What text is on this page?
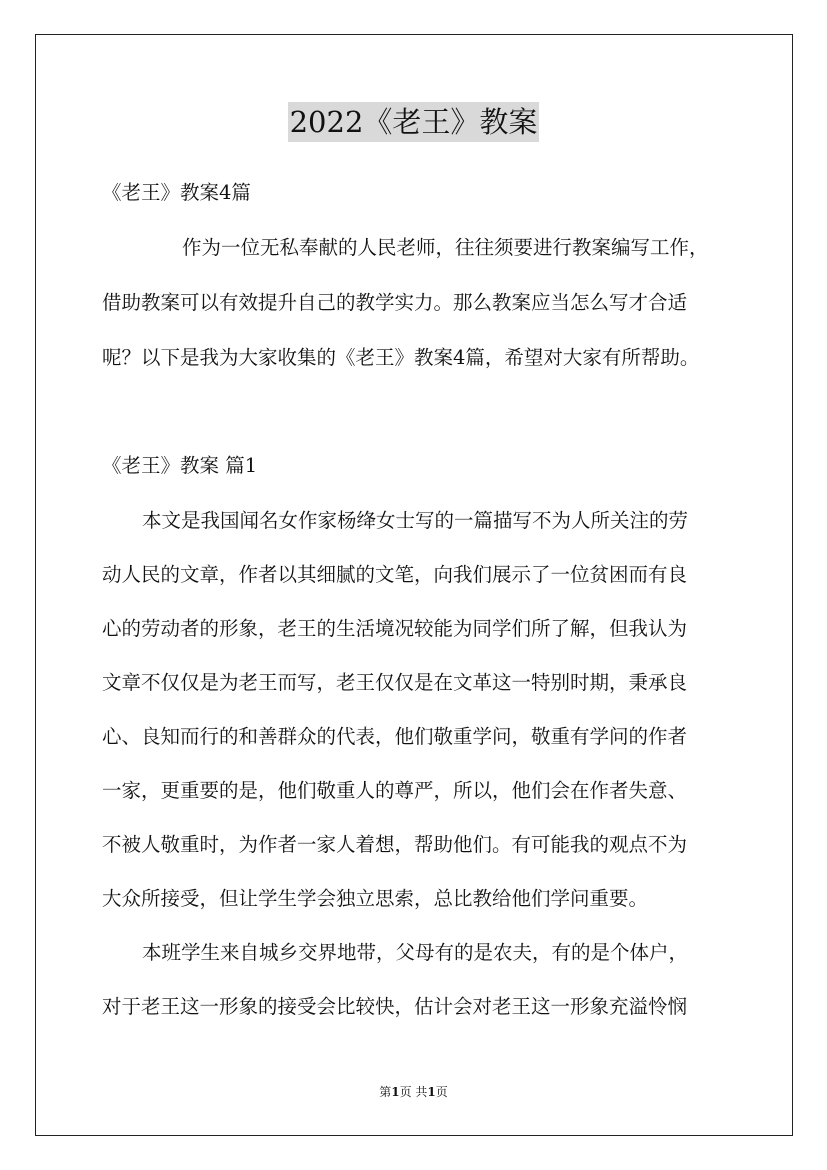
2022《老王》教案
《老王》教案4篇
作为一位无私奉献的人民老师，往往须要进行教案编写工作，
借助教案可以有效提升自己的教学实力。那么教案应当怎么写才合适
呢？以下是我为大家收集的《老王》教案4篇，希望对大家有所帮助。
《老王》教案 篇1
本文是我国闻名女作家杨绛女士写的一篇描写不为人所关注的劳
动人民的文章，作者以其细腻的文笔，向我们展示了一位贫困而有良
心的劳动者的形象，老王的生活境况较能为同学们所了解，但我认为
文章不仅仅是为老王而写，老王仅仅是在文革这一特别时期，秉承良
心、良知而行的和善群众的代表，他们敬重学问，敬重有学问的作者
一家，更重要的是，他们敬重人的尊严，所以，他们会在作者失意、
不被人敬重时，为作者一家人着想，帮助他们。有可能我的观点不为
大众所接受，但让学生学会独立思索，总比教给他们学问重要。
本班学生来自城乡交界地带，父母有的是农夫，有的是个体户，
对于老王这一形象的接受会比较快，估计会对老王这一形象充溢怜悯
第1页 共1页
